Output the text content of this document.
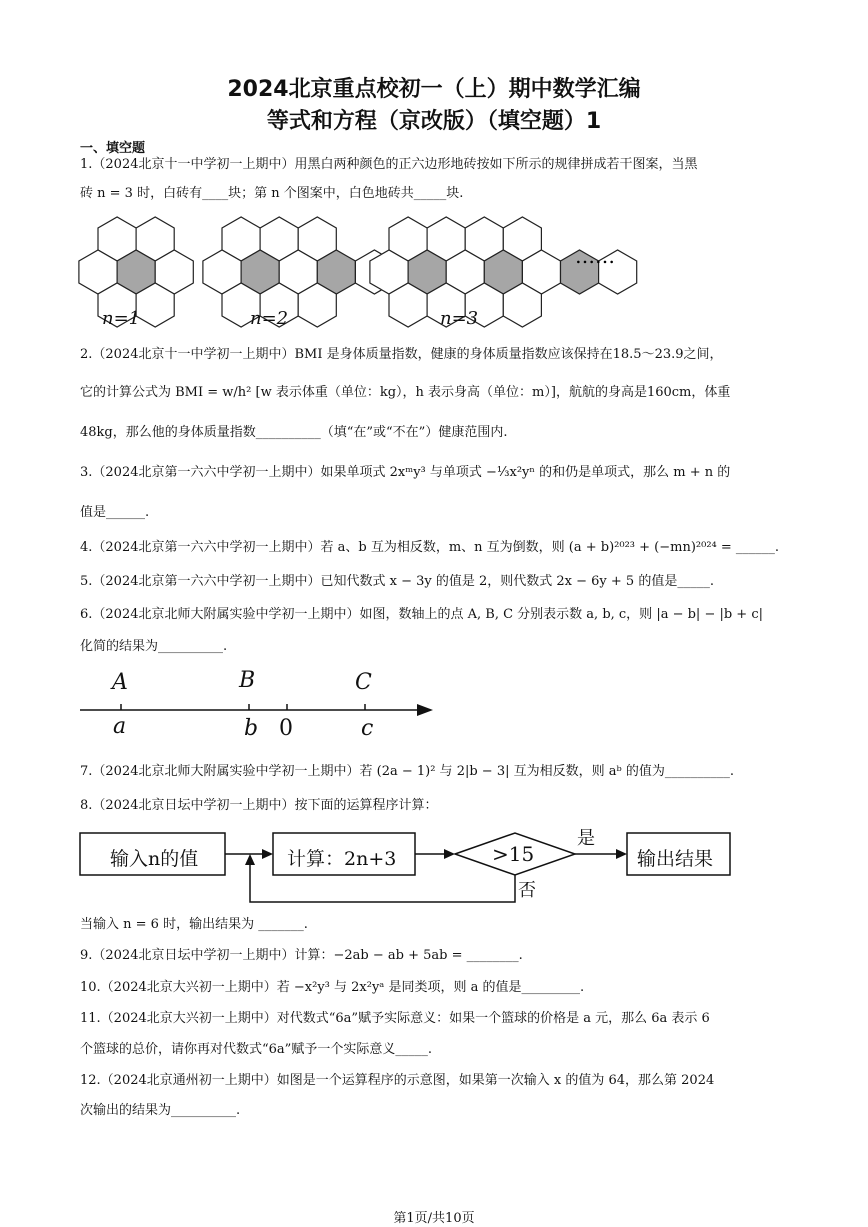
2024北京重点校初一（上）期中数学汇编
等式和方程（京改版）（填空题）1
一、填空题
1.（2024北京十一中学初一上期中）用黑白两种颜色的正六边形地砖按如下所示的规律拼成若干图案，当黑
砖 n = 3 时，白砖有____块；第 n 个图案中，白色地砖共_____块.
……
n=1	n=2	n=3
2.（2024北京十一中学初一上期中）BMI 是身体质量指数，健康的身体质量指数应该保持在18.5～23.9之间，
它的计算公式为 BMI = w/h² [w 表示体重（单位：kg），h 表示身高（单位：m）]，航航的身高是160cm，体重
48kg，那么他的身体质量指数__________（填“在”或“不在”）健康范围内.
3.（2024北京第一六六中学初一上期中）如果单项式 2xᵐy³ 与单项式 −⅓x²yⁿ 的和仍是单项式，那么 m + n 的
值是______.
4.（2024北京第一六六中学初一上期中）若 a、b 互为相反数，m、n 互为倒数，则 (a + b)²⁰²³ + (−mn)²⁰²⁴ = ______.
5.（2024北京第一六六中学初一上期中）已知代数式 x − 3y 的值是 2，则代数式 2x − 6y + 5 的值是_____.
6.（2024北京北师大附属实验中学初一上期中）如图，数轴上的点 A, B, C 分别表示数 a, b, c，则 |a − b| − |b + c|
化简的结果为__________.
A	B	C
a	b 0	c
7.（2024北京北师大附属实验中学初一上期中）若 (2a − 1)² 与 2|b − 3| 互为相反数，则 aᵇ 的值为__________.
8.（2024北京日坛中学初一上期中）按下面的运算程序计算：
输入n的值	计算：2n+3	>15	输出结果
是
否
当输入 n = 6 时，输出结果为 _______.
9.（2024北京日坛中学初一上期中）计算：−2ab − ab + 5ab = ________.
10.（2024北京大兴初一上期中）若 −x²y³ 与 2x²yᵃ 是同类项，则 a 的值是_________.
11.（2024北京大兴初一上期中）对代数式“6a”赋予实际意义：如果一个篮球的价格是 a 元，那么 6a 表示 6
个篮球的总价，请你再对代数式“6a”赋予一个实际意义_____.
12.（2024北京通州初一上期中）如图是一个运算程序的示意图，如果第一次输入 x 的值为 64，那么第 2024
次输出的结果为__________.
第1页/共10页
